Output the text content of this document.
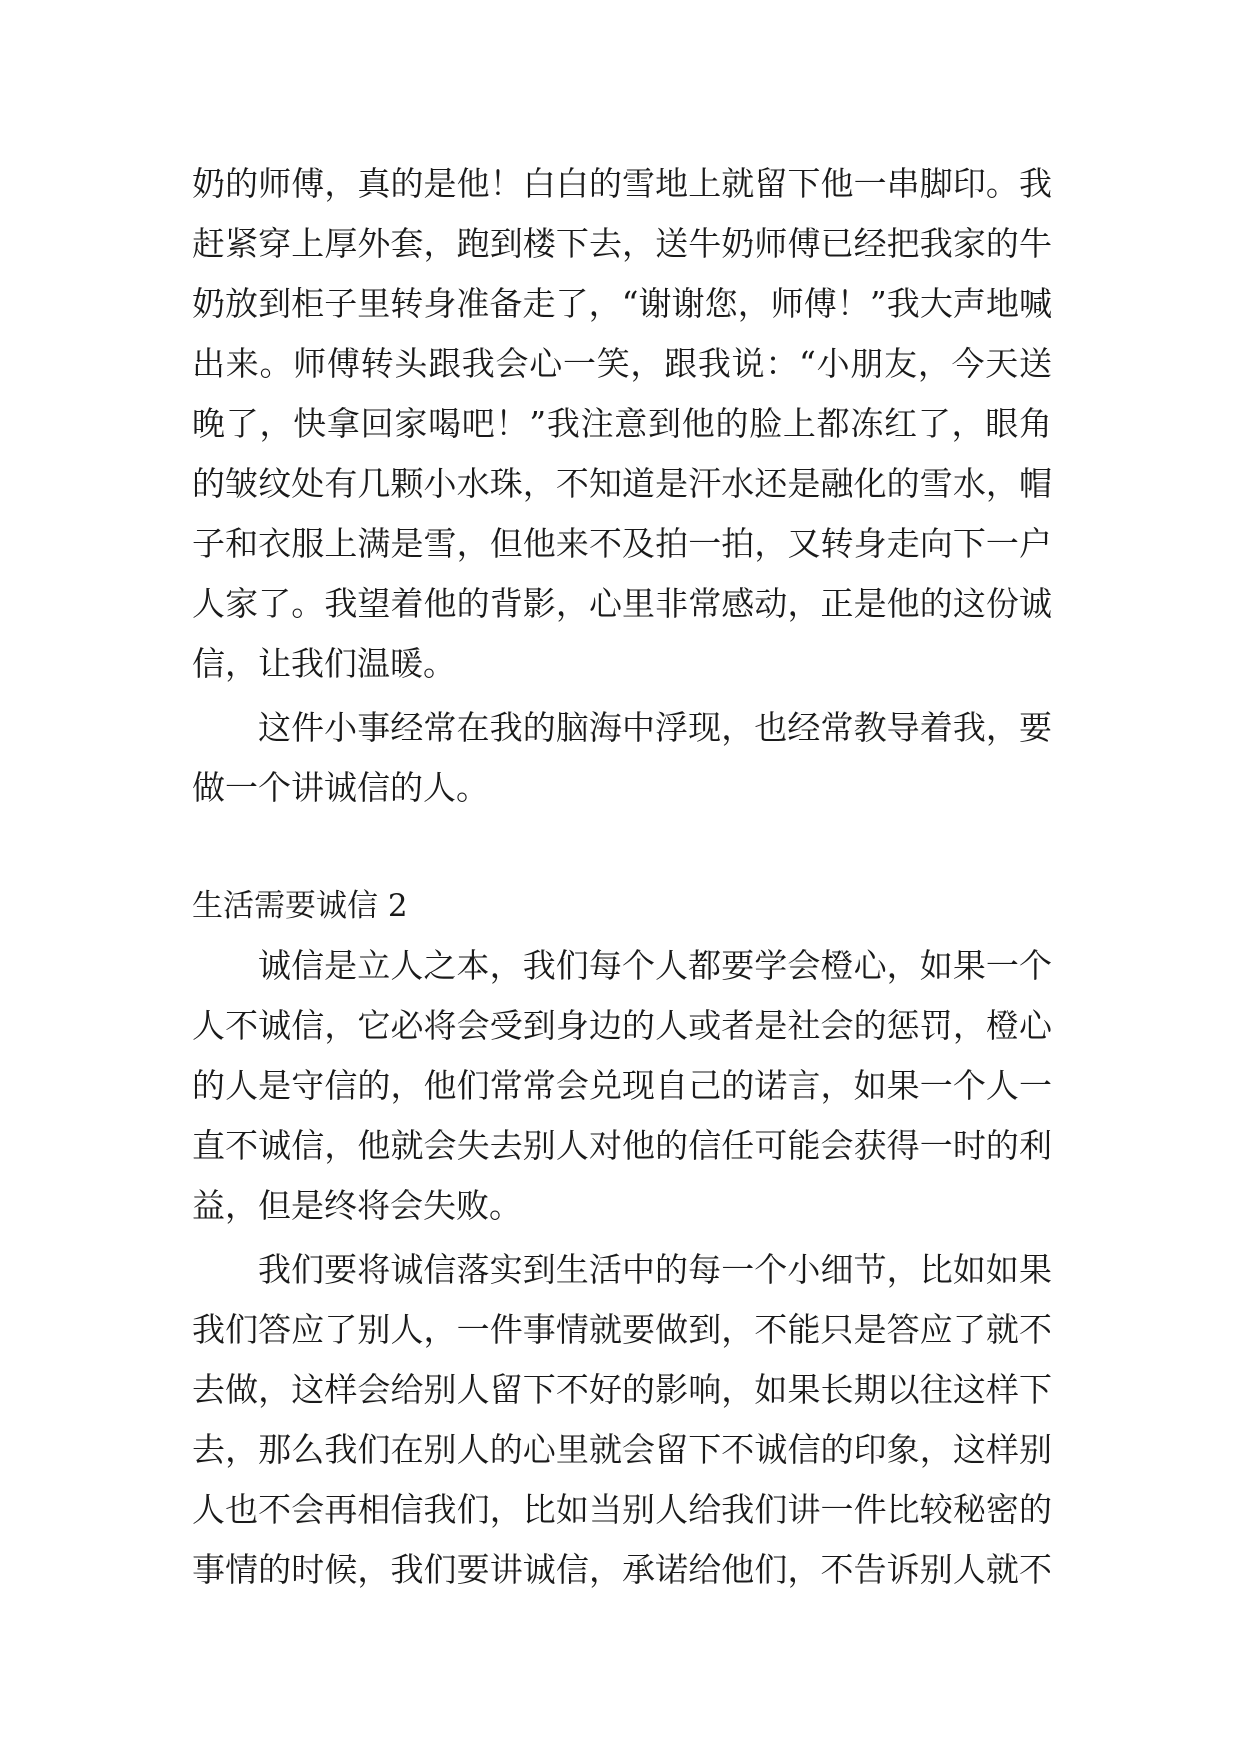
奶的师傅，真的是他！白白的雪地上就留下他一串脚印。我
赶紧穿上厚外套，跑到楼下去，送牛奶师傅已经把我家的牛
奶放到柜子里转身准备走了，“谢谢您，师傅！”我大声地喊
出来。师傅转头跟我会心一笑，跟我说：“小朋友，今天送
晚了，快拿回家喝吧！”我注意到他的脸上都冻红了，眼角
的皱纹处有几颗小水珠，不知道是汗水还是融化的雪水，帽
子和衣服上满是雪，但他来不及拍一拍，又转身走向下一户
人家了。我望着他的背影，心里非常感动，正是他的这份诚
信，让我们温暖。
这件小事经常在我的脑海中浮现，也经常教导着我，要
做一个讲诚信的人。
生活需要诚信 2
诚信是立人之本，我们每个人都要学会橙心，如果一个
人不诚信，它必将会受到身边的人或者是社会的惩罚，橙心
的人是守信的，他们常常会兑现自己的诺言，如果一个人一
直不诚信，他就会失去别人对他的信任可能会获得一时的利
益，但是终将会失败。
我们要将诚信落实到生活中的每一个小细节，比如如果
我们答应了别人，一件事情就要做到，不能只是答应了就不
去做，这样会给别人留下不好的影响，如果长期以往这样下
去，那么我们在别人的心里就会留下不诚信的印象，这样别
人也不会再相信我们，比如当别人给我们讲一件比较秘密的
事情的时候，我们要讲诚信，承诺给他们，不告诉别人就不
